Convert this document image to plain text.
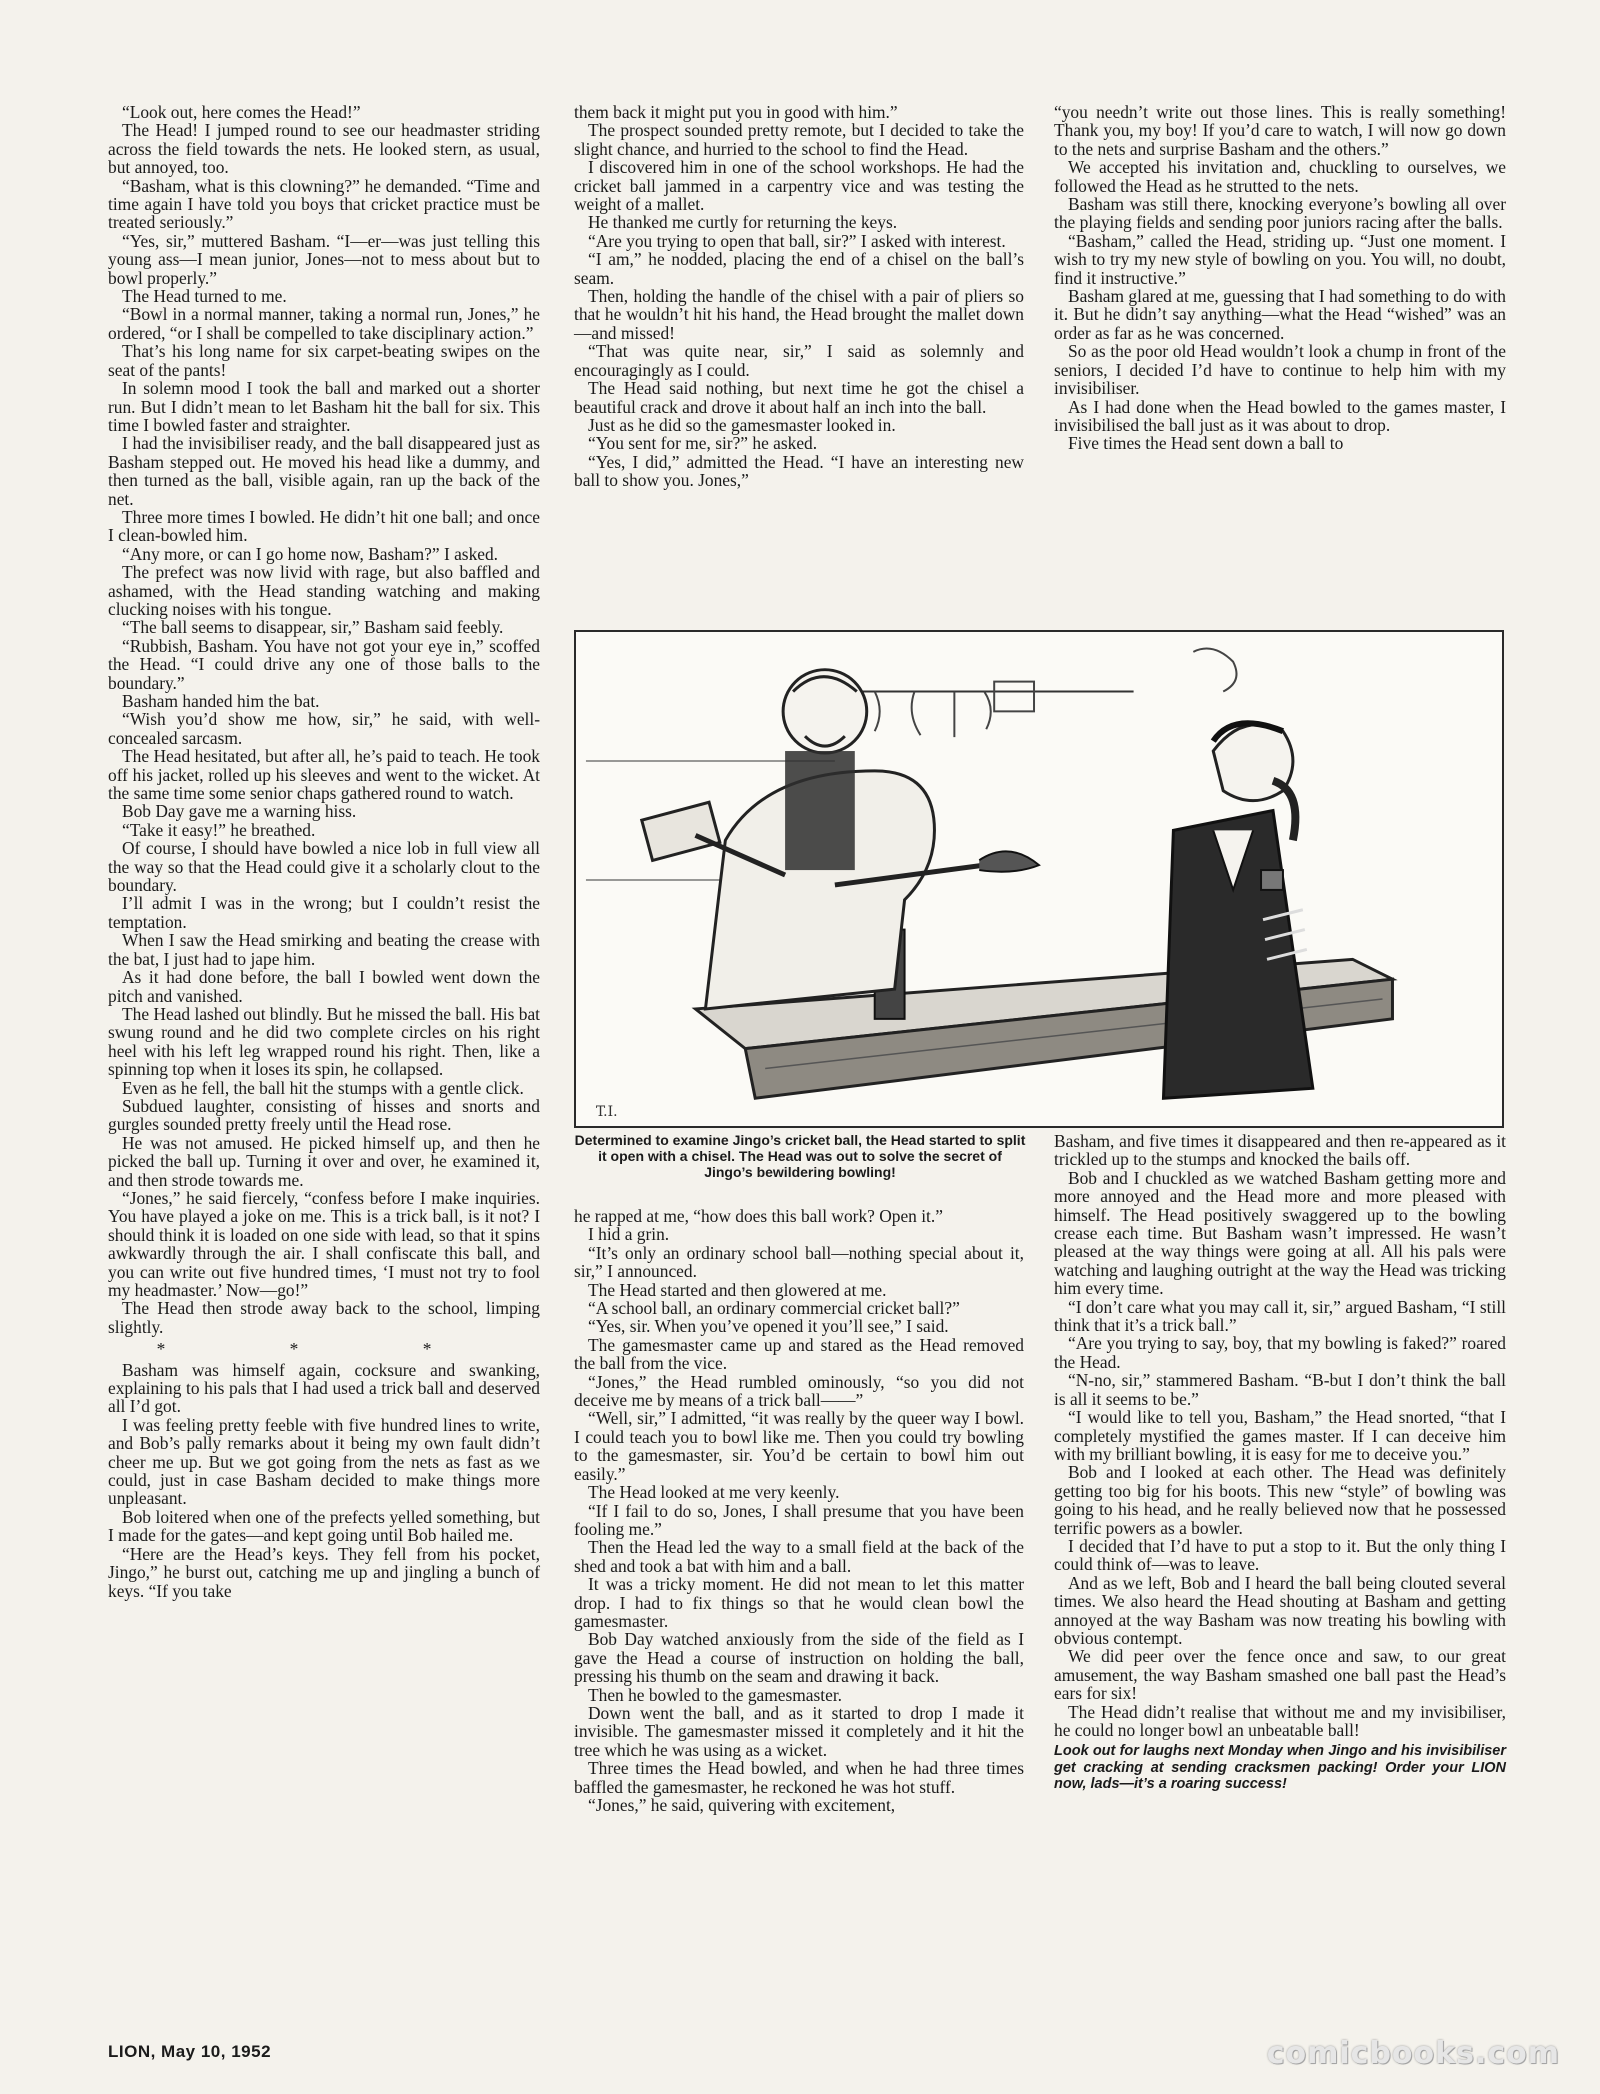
“Look out, here comes the Head!”

The Head! I jumped round to see our headmaster striding across the field towards the nets. He looked stern, as usual, but annoyed, too.

“Basham, what is this clowning?” he demanded. “Time and time again I have told you boys that cricket practice must be treated seriously.”

“Yes, sir,” muttered Basham. “I—er—was just telling this young ass—I mean junior, Jones—not to mess about but to bowl properly.”

The Head turned to me.

“Bowl in a normal manner, taking a normal run, Jones,” he ordered, “or I shall be compelled to take disciplinary action.”

That’s his long name for six carpet-beating swipes on the seat of the pants!

In solemn mood I took the ball and marked out a shorter run. But I didn’t mean to let Basham hit the ball for six. This time I bowled faster and straighter.

I had the invisibiliser ready, and the ball disappeared just as Basham stepped out. He moved his head like a dummy, and then turned as the ball, visible again, ran up the back of the net.

Three more times I bowled. He didn’t hit one ball; and once I clean-bowled him.

“Any more, or can I go home now, Basham?” I asked.

The prefect was now livid with rage, but also baffled and ashamed, with the Head standing watching and making clucking noises with his tongue.

“The ball seems to disappear, sir,” Basham said feebly.

“Rubbish, Basham. You have not got your eye in,” scoffed the Head. “I could drive any one of those balls to the boundary.”

Basham handed him the bat.

“Wish you’d show me how, sir,” he said, with well-concealed sarcasm.

The Head hesitated, but after all, he’s paid to teach. He took off his jacket, rolled up his sleeves and went to the wicket. At the same time some senior chaps gathered round to watch.

Bob Day gave me a warning hiss.

“Take it easy!” he breathed.

Of course, I should have bowled a nice lob in full view all the way so that the Head could give it a scholarly clout to the boundary.

I’ll admit I was in the wrong; but I couldn’t resist the temptation.

When I saw the Head smirking and beating the crease with the bat, I just had to jape him.

As it had done before, the ball I bowled went down the pitch and vanished.

The Head lashed out blindly. But he missed the ball. His bat swung round and he did two complete circles on his right heel with his left leg wrapped round his right. Then, like a spinning top when it loses its spin, he collapsed.

Even as he fell, the ball hit the stumps with a gentle click.

Subdued laughter, consisting of hisses and snorts and gurgles sounded pretty freely until the Head rose.

He was not amused. He picked himself up, and then he picked the ball up. Turning it over and over, he examined it, and then strode towards me.

“Jones,” he said fiercely, “confess before I make inquiries. You have played a joke on me. This is a trick ball, is it not? I should think it is loaded on one side with lead, so that it spins awkwardly through the air. I shall confiscate this ball, and you can write out five hundred times, ‘I must not try to fool my headmaster.’ Now—go!”

The Head then strode away back to the school, limping slightly.

* * *

Basham was himself again, cocksure and swanking, explaining to his pals that I had used a trick ball and deserved all I’d got.

I was feeling pretty feeble with five hundred lines to write, and Bob’s pally remarks about it being my own fault didn’t cheer me up. But we got going from the nets as fast as we could, just in case Basham decided to make things more unpleasant.

Bob loitered when one of the prefects yelled something, but I made for the gates—and kept going until Bob hailed me.

“Here are the Head’s keys. They fell from his pocket, Jingo,” he burst out, catching me up and jingling a bunch of keys. “If you take

them back it might put you in good with him.”

The prospect sounded pretty remote, but I decided to take the slight chance, and hurried to the school to find the Head.

I discovered him in one of the school workshops. He had the cricket ball jammed in a carpentry vice and was testing the weight of a mallet.

He thanked me curtly for returning the keys.

“Are you trying to open that ball, sir?” I asked with interest.

“I am,” he nodded, placing the end of a chisel on the ball’s seam.

Then, holding the handle of the chisel with a pair of pliers so that he wouldn’t hit his hand, the Head brought the mallet down—and missed!

“That was quite near, sir,” I said as solemnly and encouragingly as I could.

The Head said nothing, but next time he got the chisel a beautiful crack and drove it about half an inch into the ball.

Just as he did so the gamesmaster looked in.

“You sent for me, sir?” he asked.

“Yes, I did,” admitted the Head. “I have an interesting new ball to show you. Jones,”

“you needn’t write out those lines. This is really something! Thank you, my boy! If you’d care to watch, I will now go down to the nets and surprise Basham and the others.”

We accepted his invitation and, chuckling to ourselves, we followed the Head as he strutted to the nets.

Basham was still there, knocking everyone’s bowling all over the playing fields and sending poor juniors racing after the balls.

“Basham,” called the Head, striding up. “Just one moment. I wish to try my new style of bowling on you. You will, no doubt, find it instructive.”

Basham glared at me, guessing that I had something to do with it. But he didn’t say anything—what the Head “wished” was an order as far as he was concerned.

So as the poor old Head wouldn’t look a chump in front of the seniors, I decided I’d have to continue to help him with my invisibiliser.

As I had done when the Head bowled to the games master, I invisibilised the ball just as it was about to drop.

Five times the Head sent down a ball to

T.I.
Determined to examine Jingo’s cricket ball, the Head started to split it open with a chisel. The Head was out to solve the secret of Jingo’s bewildering bowling!

he rapped at me, “how does this ball work? Open it.”

I hid a grin.

“It’s only an ordinary school ball—nothing special about it, sir,” I announced.

The Head started and then glowered at me.

“A school ball, an ordinary commercial cricket ball?”

“Yes, sir. When you’ve opened it you’ll see,” I said.

The gamesmaster came up and stared as the Head removed the ball from the vice.

“Jones,” the Head rumbled ominously, “so you did not deceive me by means of a trick ball——”

“Well, sir,” I admitted, “it was really by the queer way I bowl. I could teach you to bowl like me. Then you could try bowling to the gamesmaster, sir. You’d be certain to bowl him out easily.”

The Head looked at me very keenly.

“If I fail to do so, Jones, I shall presume that you have been fooling me.”

Then the Head led the way to a small field at the back of the shed and took a bat with him and a ball.

It was a tricky moment. He did not mean to let this matter drop. I had to fix things so that he would clean bowl the gamesmaster.

Bob Day watched anxiously from the side of the field as I gave the Head a course of instruction on holding the ball, pressing his thumb on the seam and drawing it back.

Then he bowled to the gamesmaster.

Down went the ball, and as it started to drop I made it invisible. The gamesmaster missed it completely and it hit the tree which he was using as a wicket.

Three times the Head bowled, and when he had three times baffled the gamesmaster, he reckoned he was hot stuff.

“Jones,” he said, quivering with excitement,

Basham, and five times it disappeared and then re-appeared as it trickled up to the stumps and knocked the bails off.

Bob and I chuckled as we watched Basham getting more and more annoyed and the Head more and more pleased with himself. The Head positively swaggered up to the bowling crease each time. But Basham wasn’t impressed. He wasn’t pleased at the way things were going at all. All his pals were watching and laughing outright at the way the Head was tricking him every time.

“I don’t care what you may call it, sir,” argued Basham, “I still think that it’s a trick ball.”

“Are you trying to say, boy, that my bowling is faked?” roared the Head.

“N-no, sir,” stammered Basham. “B-but I don’t think the ball is all it seems to be.”

“I would like to tell you, Basham,” the Head snorted, “that I completely mystified the games master. If I can deceive him with my brilliant bowling, it is easy for me to deceive you.”

Bob and I looked at each other. The Head was definitely getting too big for his boots. This new “style” of bowling was going to his head, and he really believed now that he possessed terrific powers as a bowler.

I decided that I’d have to put a stop to it. But the only thing I could think of—was to leave.

And as we left, Bob and I heard the ball being clouted several times. We also heard the Head shouting at Basham and getting annoyed at the way Basham was now treating his bowling with obvious contempt.

We did peer over the fence once and saw, to our great amusement, the way Basham smashed one ball past the Head’s ears for six!

The Head didn’t realise that without me and my invisibiliser, he could no longer bowl an unbeatable ball!

Look out for laughs next Monday when Jingo and his invisibiliser get cracking at sending cracksmen packing! Order your LION now, lads—it’s a roaring success!
LION, May 10, 1952	comicbooks.com
